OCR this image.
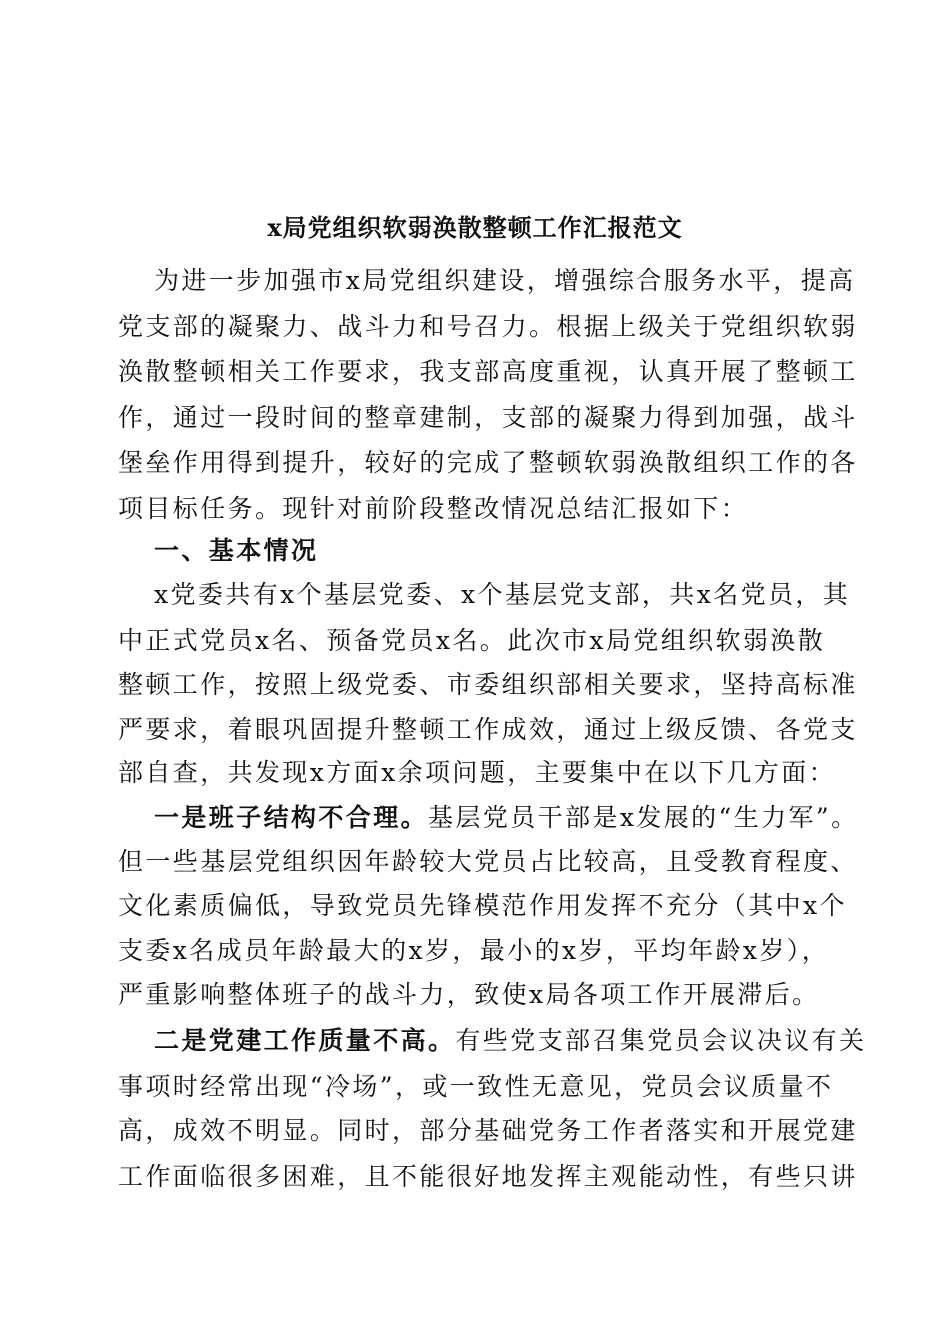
x局党组织软弱涣散整顿工作汇报范文
为进一步加强市x局党组织建设，增强综合服务水平，提高
党支部的凝聚力、战斗力和号召力。根据上级关于党组织软弱
涣散整顿相关工作要求，我支部高度重视，认真开展了整顿工
作，通过一段时间的整章建制，支部的凝聚力得到加强，战斗
堡垒作用得到提升，较好的完成了整顿软弱涣散组织工作的各
项目标任务。现针对前阶段整改情况总结汇报如下：
一、基本情况
x党委共有x个基层党委、x个基层党支部，共x名党员，其
中正式党员x名、预备党员x名。此次市x局党组织软弱涣散
整顿工作，按照上级党委、市委组织部相关要求，坚持高标准
严要求，着眼巩固提升整顿工作成效，通过上级反馈、各党支
部自查，共发现x方面x余项问题，主要集中在以下几方面：
一是班子结构不合理。基层党员干部是x发展的“生力军”。
但一些基层党组织因年龄较大党员占比较高，且受教育程度、
文化素质偏低，导致党员先锋模范作用发挥不充分（其中x个
支委x名成员年龄最大的x岁，最小的x岁，平均年龄x岁），
严重影响整体班子的战斗力，致使x局各项工作开展滞后。
二是党建工作质量不高。有些党支部召集党员会议决议有关
事项时经常出现“冷场”，或一致性无意见，党员会议质量不
高，成效不明显。同时，部分基础党务工作者落实和开展党建
工作面临很多困难，且不能很好地发挥主观能动性，有些只讲
